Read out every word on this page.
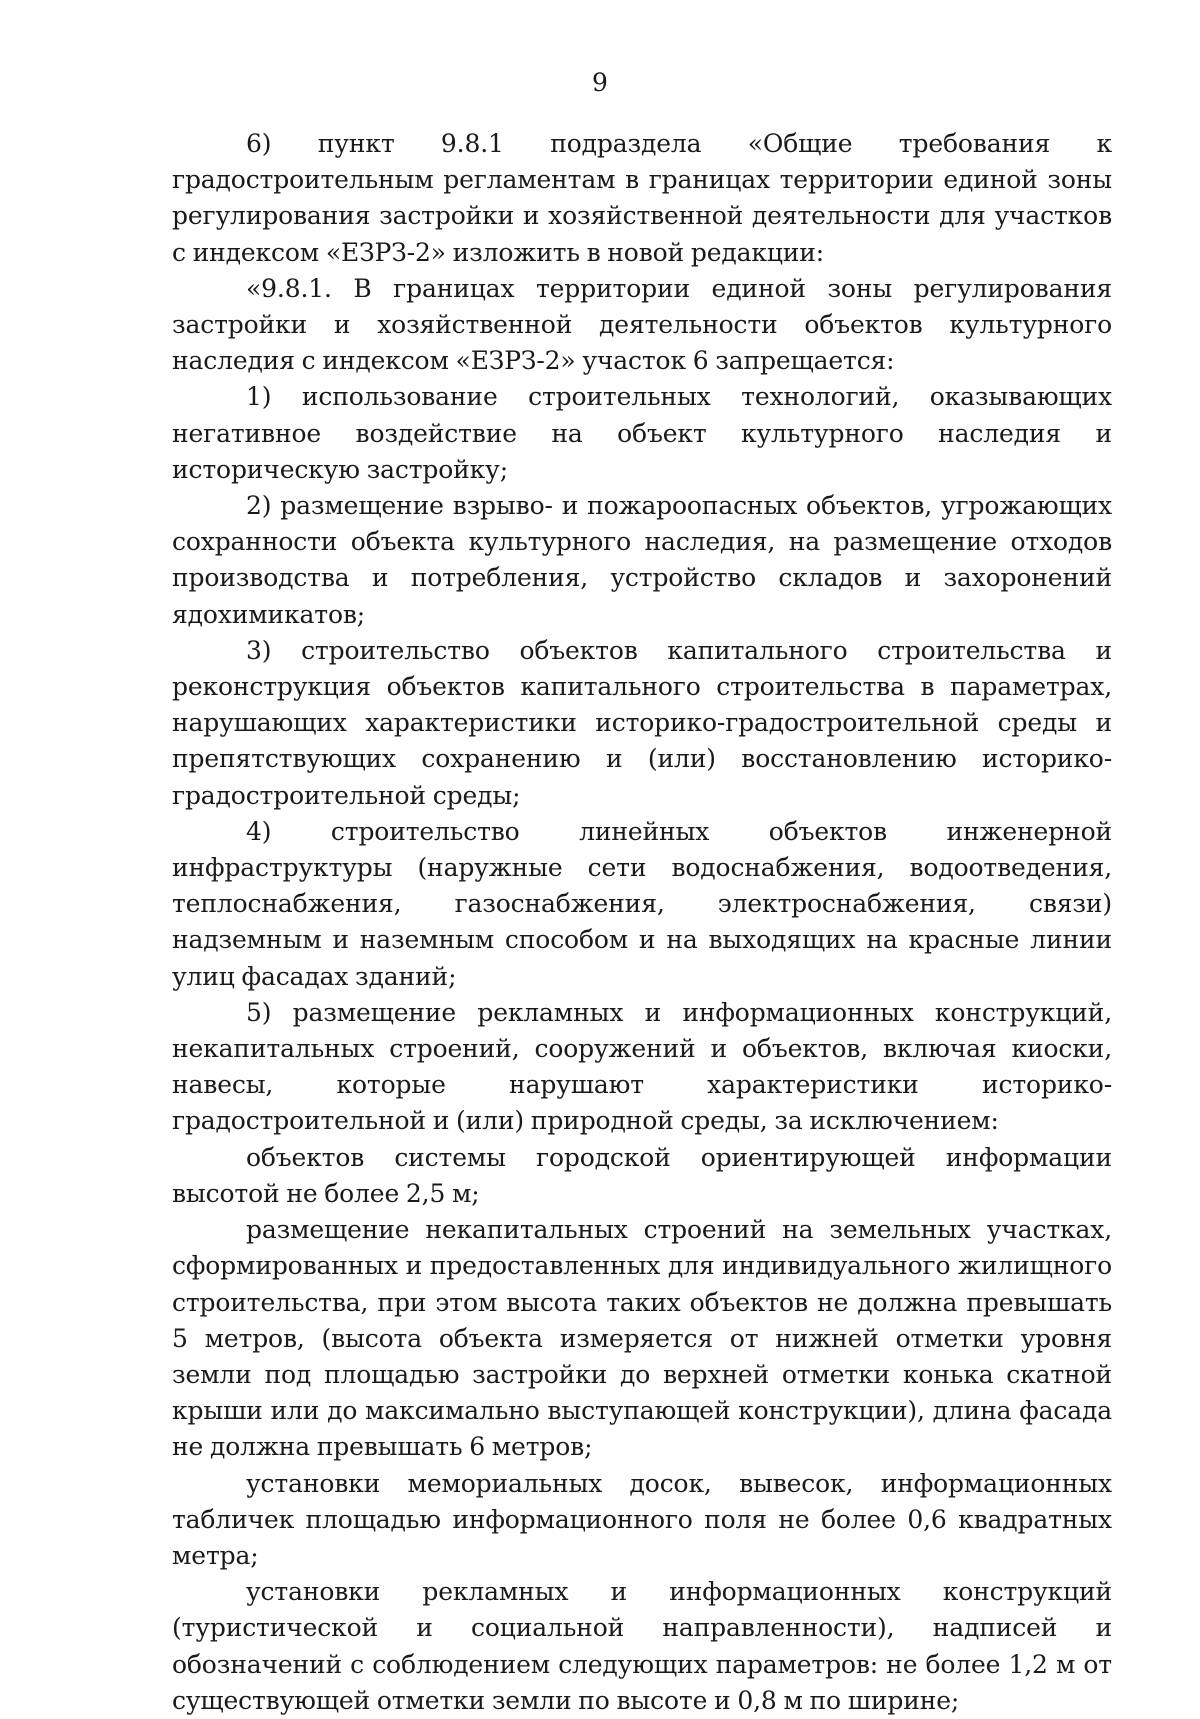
9

6) пункт 9.8.1 подраздела «Общие требования к градостроительным регламентам в границах территории единой зоны регулирования застройки и хозяйственной деятельности для участков с индексом «ЕЗРЗ-2» изложить в новой редакции:

«9.8.1. В границах территории единой зоны регулирования застройки и хозяйственной деятельности объектов культурного наследия с индексом «ЕЗРЗ-2» участок 6 запрещается:

1) использование строительных технологий, оказывающих негативное воздействие на объект культурного наследия и историческую застройку;

2) размещение взрыво- и пожароопасных объектов, угрожающих сохранности объекта культурного наследия, на размещение отходов производства и потребления, устройство складов и захоронений ядохимикатов;

3) строительство объектов капитального строительства и реконструкция объектов капитального строительства в параметрах, нарушающих характеристики историко-градостроительной среды и препятствующих сохранению и (или) восстановлению историко-градостроительной среды;

4) строительство линейных объектов инженерной инфраструктуры (наружные сети водоснабжения, водоотведения, теплоснабжения, газоснабжения, электроснабжения, связи) надземным и наземным способом и на выходящих на красные линии улиц фасадах зданий;

5) размещение рекламных и информационных конструкций, некапитальных строений, сооружений и объектов, включая киоски, навесы, которые нарушают характеристики историко-градостроительной и (или) природной среды, за исключением:

объектов системы городской ориентирующей информации высотой не более 2,5 м;

размещение некапитальных строений на земельных участках, сформированных и предоставленных для индивидуального жилищного строительства, при этом высота таких объектов не должна превышать 5 метров, (высота объекта измеряется от нижней отметки уровня земли под площадью застройки до верхней отметки конька скатной крыши или до максимально выступающей конструкции), длина фасада не должна превышать 6 метров;

установки мемориальных досок, вывесок, информационных табличек площадью информационного поля не более 0,6 квадратных метра;

установки рекламных и информационных конструкций (туристической и социальной направленности), надписей и обозначений с соблюдением следующих параметров: не более 1,2 м от существующей отметки земли по высоте и 0,8 м по ширине;
